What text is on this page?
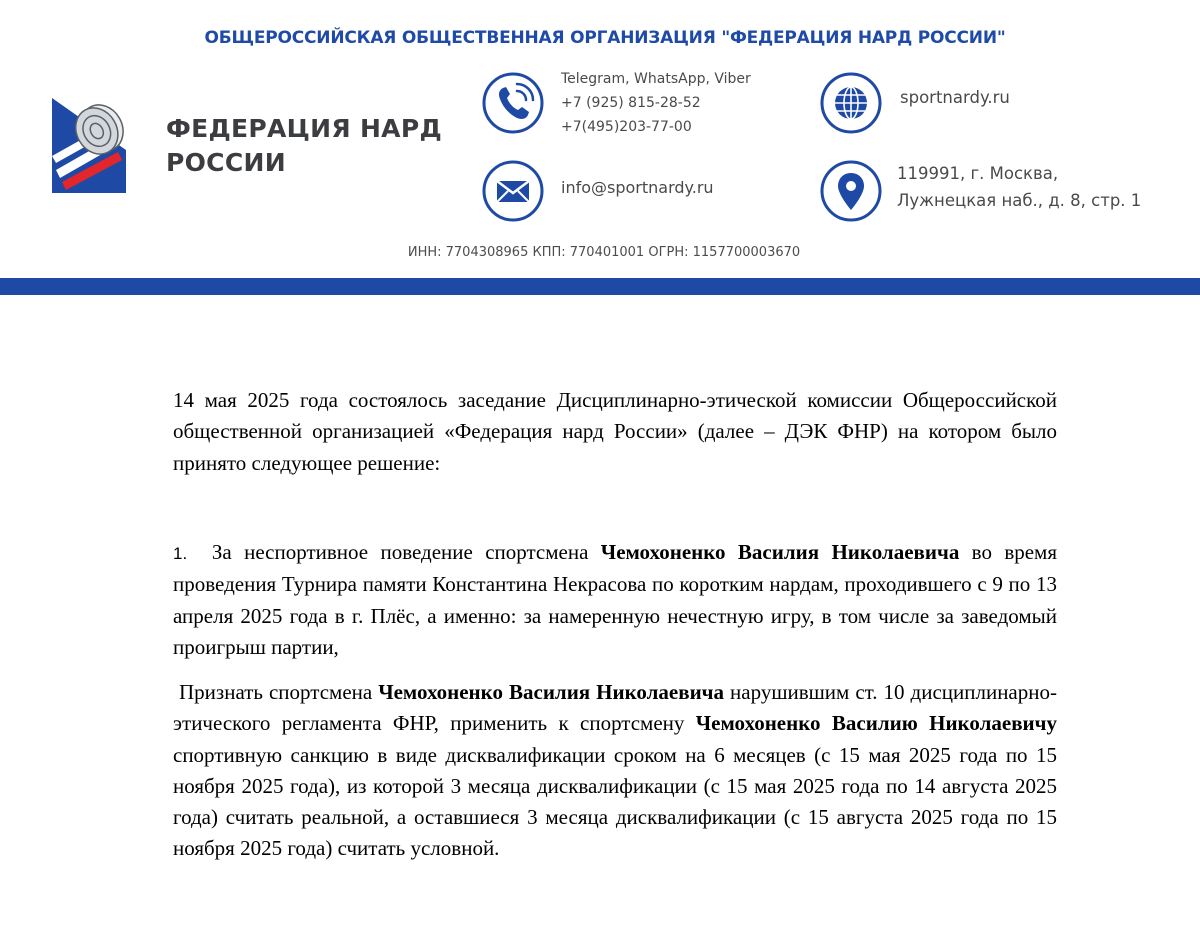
ОБЩЕРОССИЙСКАЯ ОБЩЕСТВЕННАЯ ОРГАНИЗАЦИЯ "ФЕДЕРАЦИЯ НАРД РОССИИ"
ФЕДЕРАЦИЯ НАРД
РОССИИ
Telegram, WhatsApp, Viber
+7 (925) 815-28-52
+7(495)203-77-00
info@sportnardy.ru
sportnardy.ru
119991, г. Москва,
Лужнецкая наб., д. 8, стр. 1
ИНН: 7704308965 КПП: 770401001 ОГРН: 1157700003670

14 мая 2025 года состоялось заседание Дисциплинарно-этической комиссии Общероссийской общественной организацией «Федерация нард России» (далее – ДЭК ФНР) на котором было принято следующее решение:

1. За неспортивное поведение спортсмена Чемохоненко Василия Николаевича во время проведения Турнира памяти Константина Некрасова по коротким нардам, проходившего с 9 по 13 апреля 2025 года в г. Плёс, а именно: за намеренную нечестную игру, в том числе за заведомый проигрыш партии,

Признать спортсмена Чемохоненко Василия Николаевича нарушившим ст. 10 дисциплинарно-этического регламента ФНР, применить к спортсмену Чемохоненко Василию Николаевичу спортивную санкцию в виде дисквалификации сроком на 6 месяцев (с 15 мая 2025 года по 15 ноября 2025 года), из которой 3 месяца дисквалификации (с 15 мая 2025 года по 14 августа 2025 года) считать реальной, а оставшиеся 3 месяца дисквалификации (с 15 августа 2025 года по 15 ноября 2025 года) считать условной.
